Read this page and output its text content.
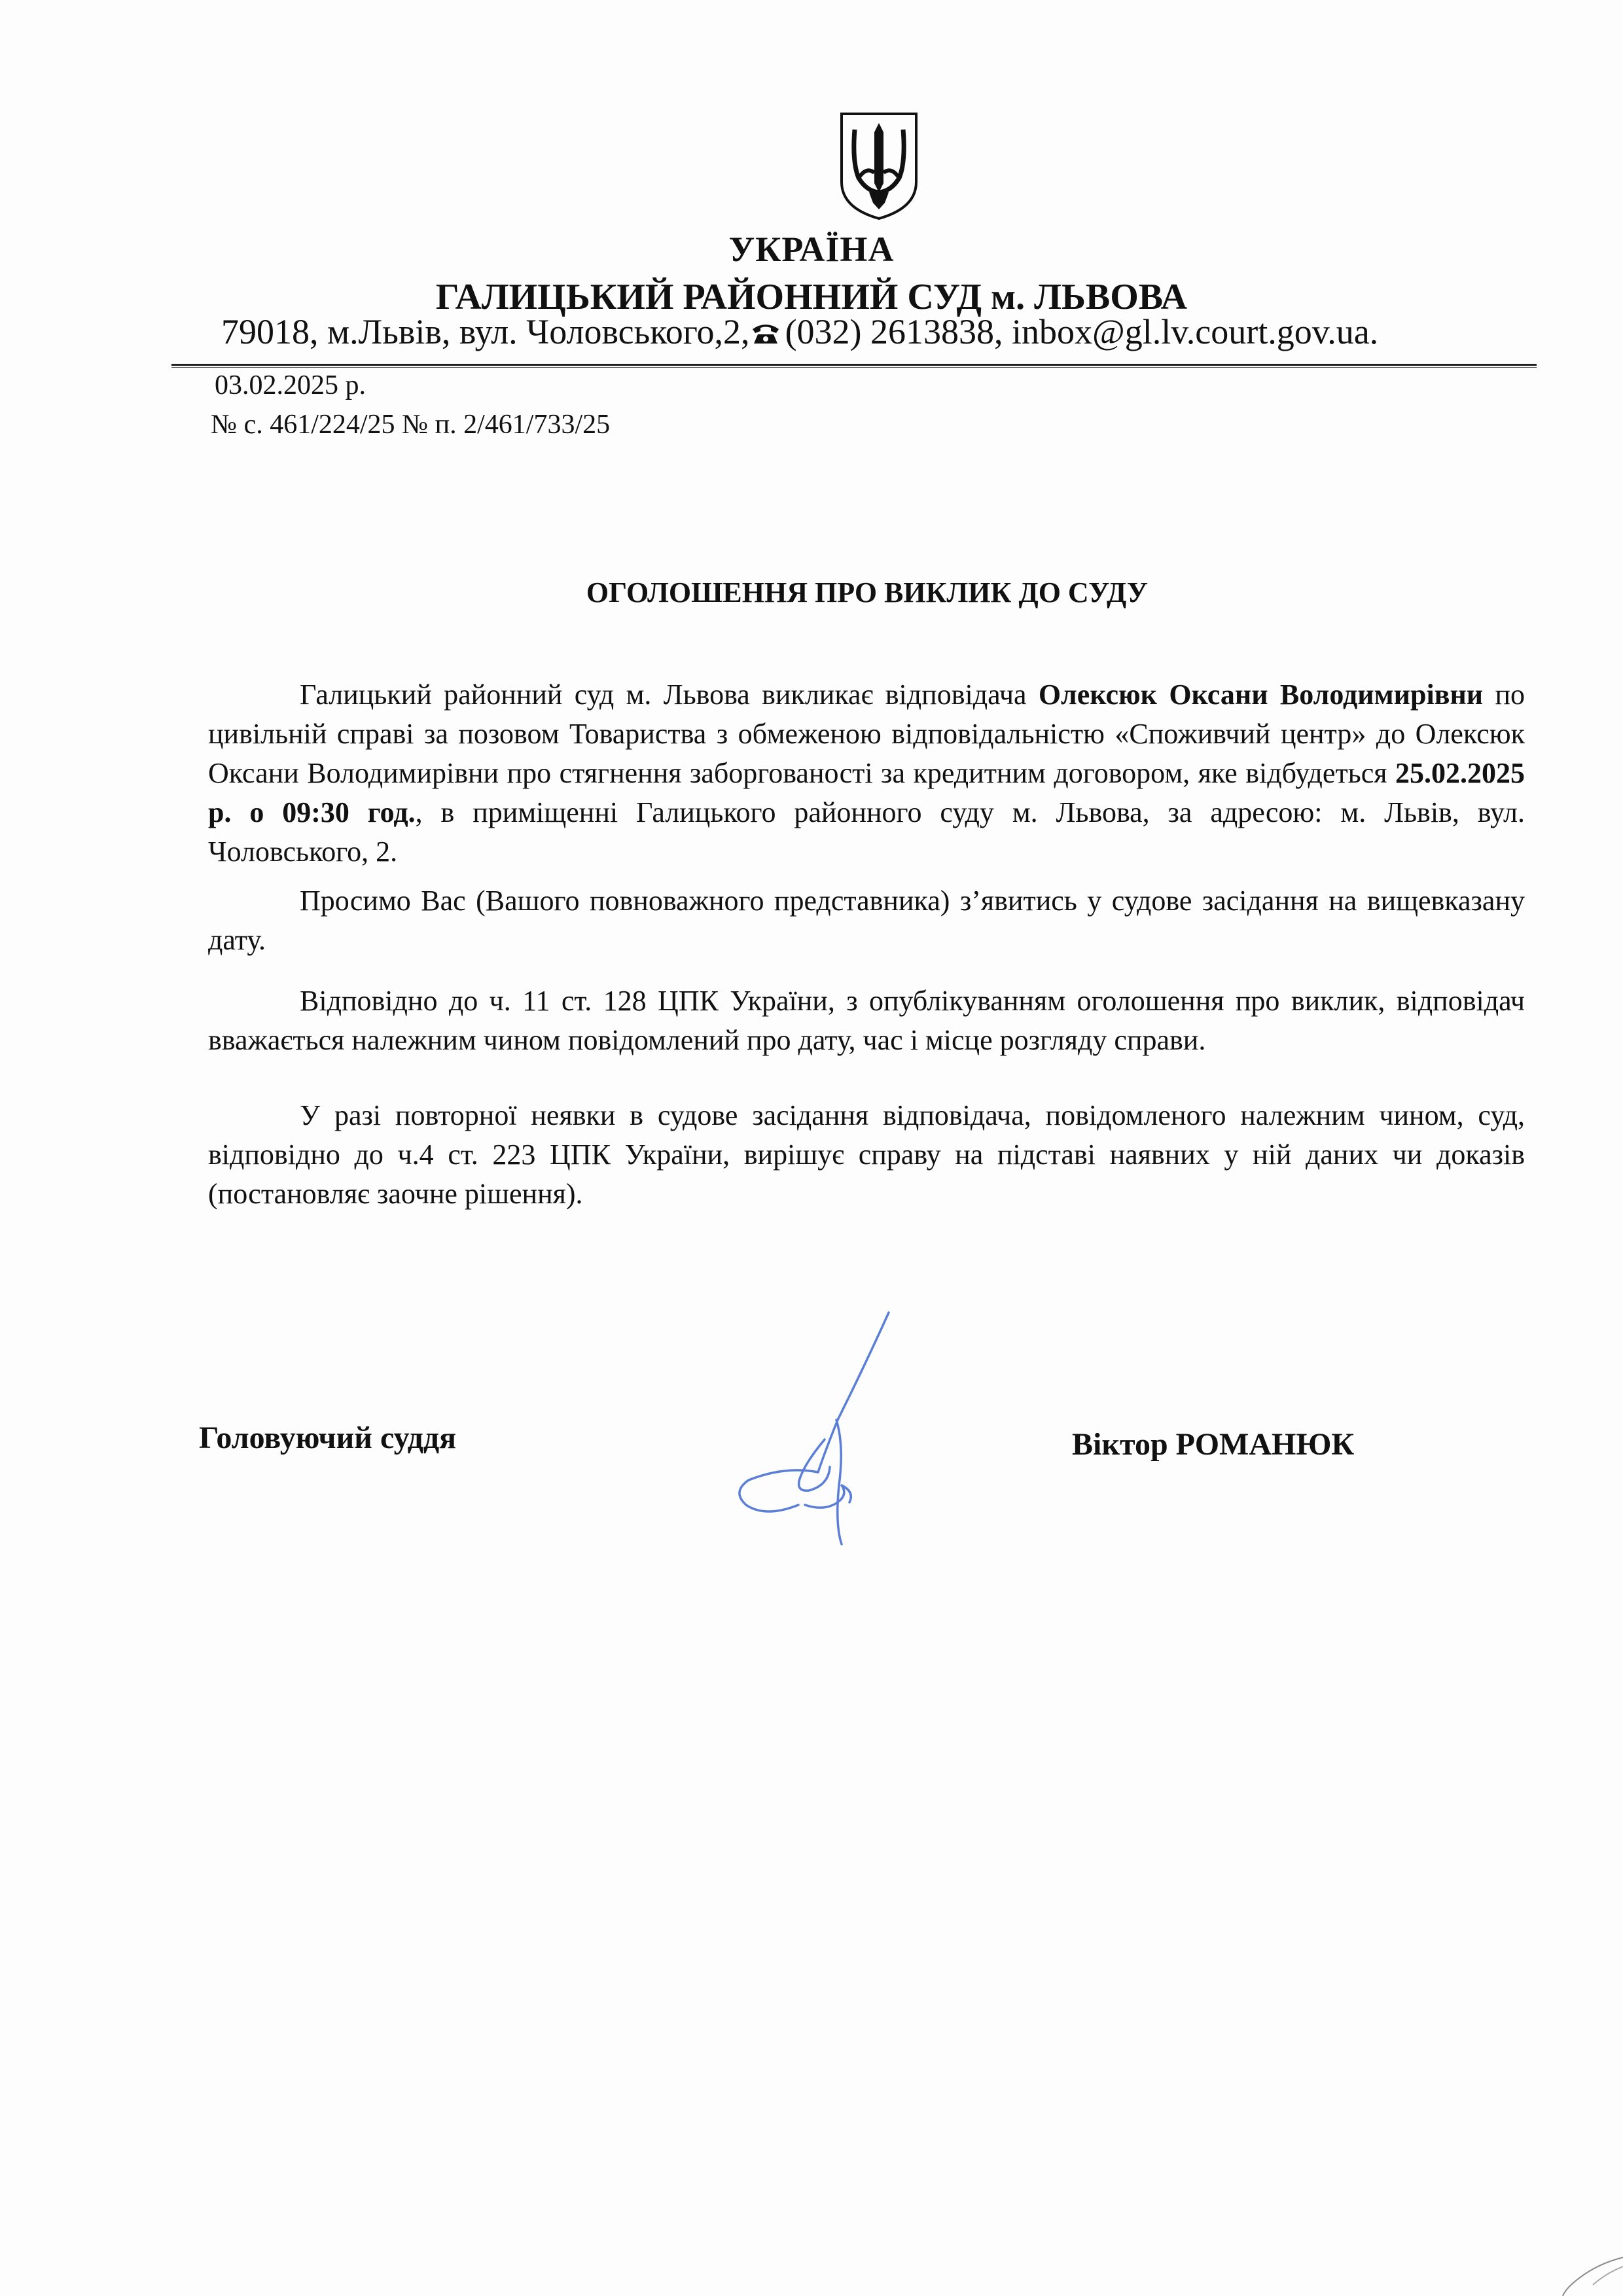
УКРАЇНА
ГАЛИЦЬКИЙ РАЙОННИЙ СУД м. ЛЬВОВА
79018, м.Львів, вул. Чоловського,2, (032) 2613838, inbox@gl.lv.court.gov.ua.
03.02.2025 р.
№ с. 461/224/25 № п. 2/461/733/25
ОГОЛОШЕННЯ ПРО ВИКЛИК ДО СУДУ

Галицький районний суд м. Львова викликає відповідача Олексюк Оксани Володимирівни по цивільній справі за позовом Товариства з обмеженою відповідальністю «Споживчий центр» до Олексюк Оксани Володимирівни про стягнення заборгованості за кредитним договором, яке відбудеться 25.02.2025 р. о 09:30 год., в приміщенні Галицького районного суду м. Львова, за адресою: м. Львів, вул. Чоловського, 2.

Просимо Вас (Вашого повноважного представника) з’явитись у судове засідання на вищевказану дату.

Відповідно до ч. 11 ст. 128 ЦПК України, з опублікуванням оголошення про виклик, відповідач вважається належним чином повідомлений про дату, час і місце розгляду справи.

У разі повторної неявки в судове засідання відповідача, повідомленого належним чином, суд, відповідно до ч.4 ст. 223 ЦПК України, вирішує справу на підставі наявних у ній даних чи доказів (постановляє заочне рішення).

Головуючий суддя	Віктор РОМАНЮК
